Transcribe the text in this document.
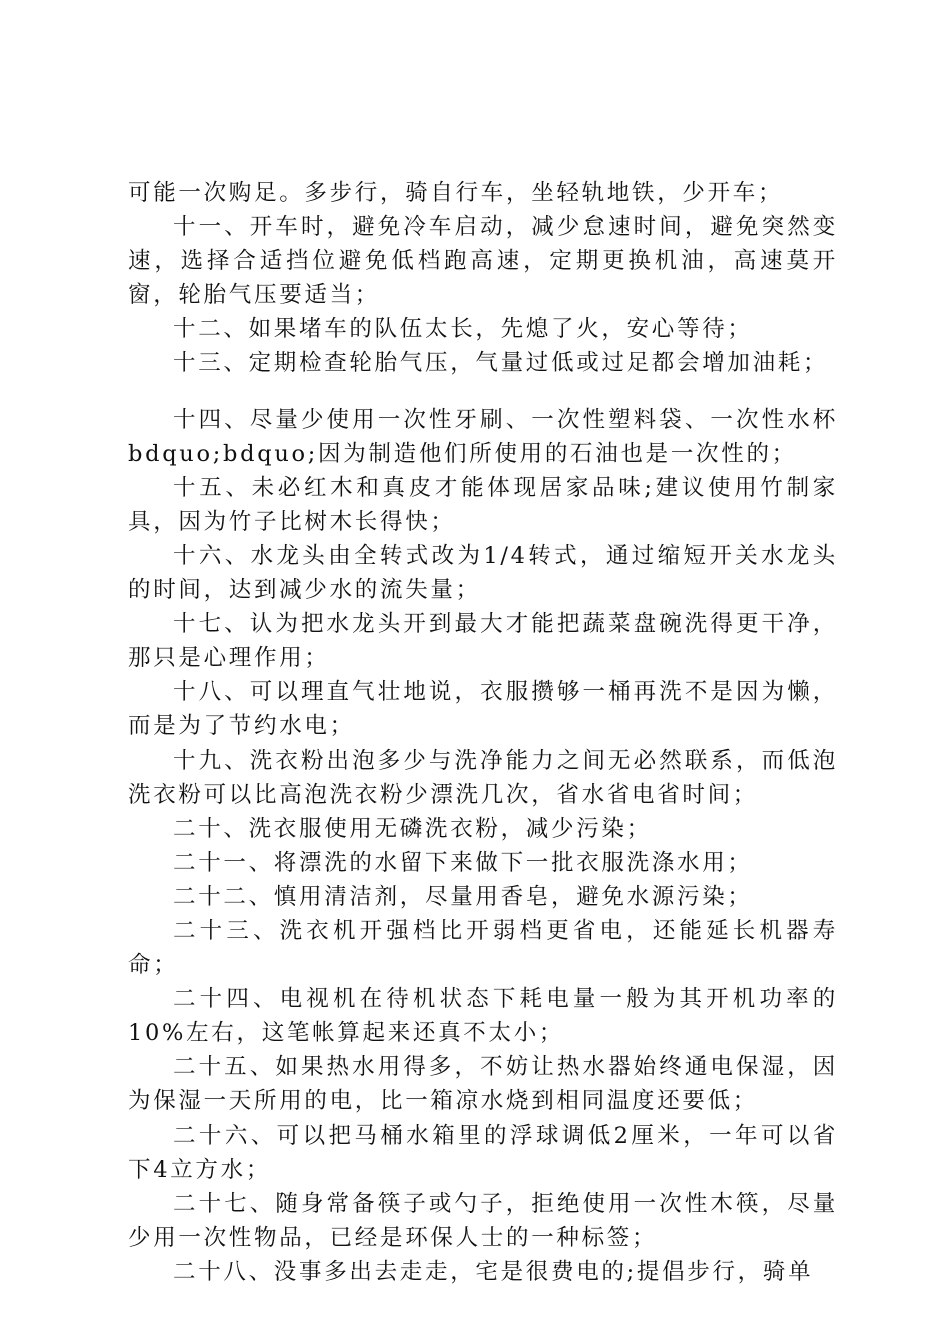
可能一次购足。多步行，骑自行车，坐轻轨地铁，少开车；

十一、开车时，避免冷车启动，减少怠速时间，避免突然变速，选择合适挡位避免低档跑高速，定期更换机油，高速莫开窗，轮胎气压要适当；

十二、如果堵车的队伍太长，先熄了火，安心等待；

十三、定期检查轮胎气压，气量过低或过足都会增加油耗；

十四、尽量少使用一次性牙刷、一次性塑料袋、一次性水杯bdquo;bdquo;因为制造他们所使用的石油也是一次性的；

十五、未必红木和真皮才能体现居家品味;建议使用竹制家具，因为竹子比树木长得快；

十六、水龙头由全转式改为1/4转式，通过缩短开关水龙头的时间，达到减少水的流失量；

十七、认为把水龙头开到最大才能把蔬菜盘碗洗得更干净，那只是心理作用；

十八、可以理直气壮地说，衣服攒够一桶再洗不是因为懒，而是为了节约水电；

十九、洗衣粉出泡多少与洗净能力之间无必然联系，而低泡洗衣粉可以比高泡洗衣粉少漂洗几次，省水省电省时间；

二十、洗衣服使用无磷洗衣粉，减少污染；

二十一、将漂洗的水留下来做下一批衣服洗涤水用；

二十二、慎用清洁剂，尽量用香皂，避免水源污染；

二十三、洗衣机开强档比开弱档更省电，还能延长机器寿命；

二十四、电视机在待机状态下耗电量一般为其开机功率的10%左右，这笔帐算起来还真不太小；

二十五、如果热水用得多，不妨让热水器始终通电保湿，因为保湿一天所用的电，比一箱凉水烧到相同温度还要低；

二十六、可以把马桶水箱里的浮球调低2厘米，一年可以省下4立方水；

二十七、随身常备筷子或勺子，拒绝使用一次性木筷，尽量少用一次性物品，已经是环保人士的一种标签；

二十八、没事多出去走走，宅是很费电的;提倡步行，骑单
